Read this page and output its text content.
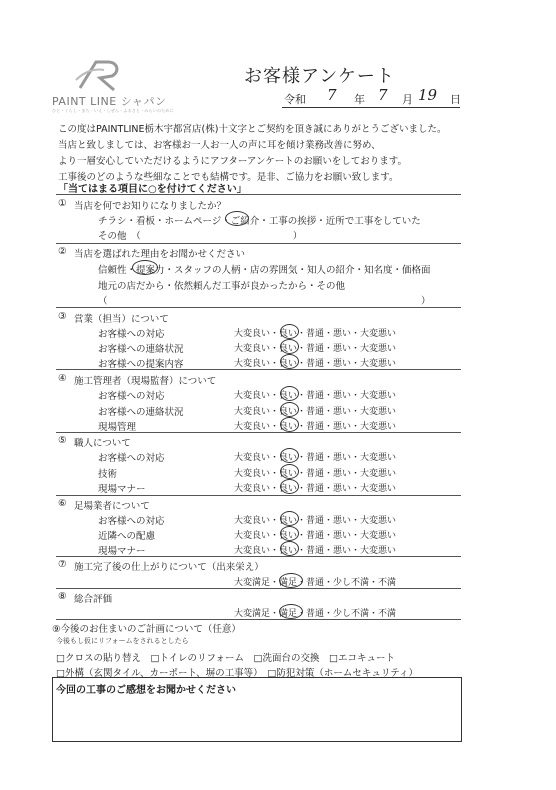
PAINT LINE シャパン
ひと・くらし・まち・いえ・しぜん・ふるさと・みらいのために
お客様アンケート
令和 7 年 7 月 19 日
この度はPAINTLINE栃木宇都宮店(株)十文字とご契約を頂き誠にありがとうございました。
当店と致しましては、お客様お一人お一人の声に耳を傾け業務改善に努め、
より一層安心していただけるようにアフターアンケートのお願いをしております。
工事後のどのような些細なことでも結構です。是非、ご協力をお願い致します。
「当てはまる項目に○を付けてください」
① 当店を何でお知りになりましたか？
チラシ・看板・ホームページ・ご紹介・工事の挨拶・近所で工事をしていた
その他　（　　　　　　　　　　　　　　　　）
② 当店を選ばれた理由をお聞かせください
信頼性・提案力・スタッフの人柄・店の雰囲気・知人の紹介・知名度・価格面
地元の店だから・依然頼んだ工事が良かったから・その他
（　　　　　　　　　　　　　　　　　　　　　　　　　　　　　　　　　）
③ 営業（担当）について
お客様への対応	大変良い・良い・普通・悪い・大変悪い
お客様への連絡状況	大変良い・良い・普通・悪い・大変悪い
お客様への提案内容	大変良い・良い・普通・悪い・大変悪い
④ 施工管理者（現場監督）について
お客様への対応	大変良い・良い・普通・悪い・大変悪い
お客様への連絡状況	大変良い・良い・普通・悪い・大変悪い
現場管理	大変良い・良い・普通・悪い・大変悪い
⑤ 職人について
お客様への対応	大変良い・良い・普通・悪い・大変悪い
技術	大変良い・良い・普通・悪い・大変悪い
現場マナー	大変良い・良い・普通・悪い・大変悪い
⑥ 足場業者について
お客様への対応	大変良い・良い・普通・悪い・大変悪い
近隣への配慮	大変良い・良い・普通・悪い・大変悪い
現場マナー	大変良い・良い・普通・悪い・大変悪い
⑦ 施工完了後の仕上がりについて（出来栄え）
大変満足・満足・普通・少し不満・不満
⑧ 総合評価
大変満足・満足・普通・少し不満・不満
⑨今後のお住まいのご計画について（任意）
今後もし仮にリフォームをされるとしたら
□クロスの貼り替え　□トイレのリフォーム　□洗面台の交換　□エコキュート
□外構（玄関タイル、カーポート、塀の工事等）　□防犯対策（ホームセキュリティ）
今回の工事のご感想をお聞かせください
